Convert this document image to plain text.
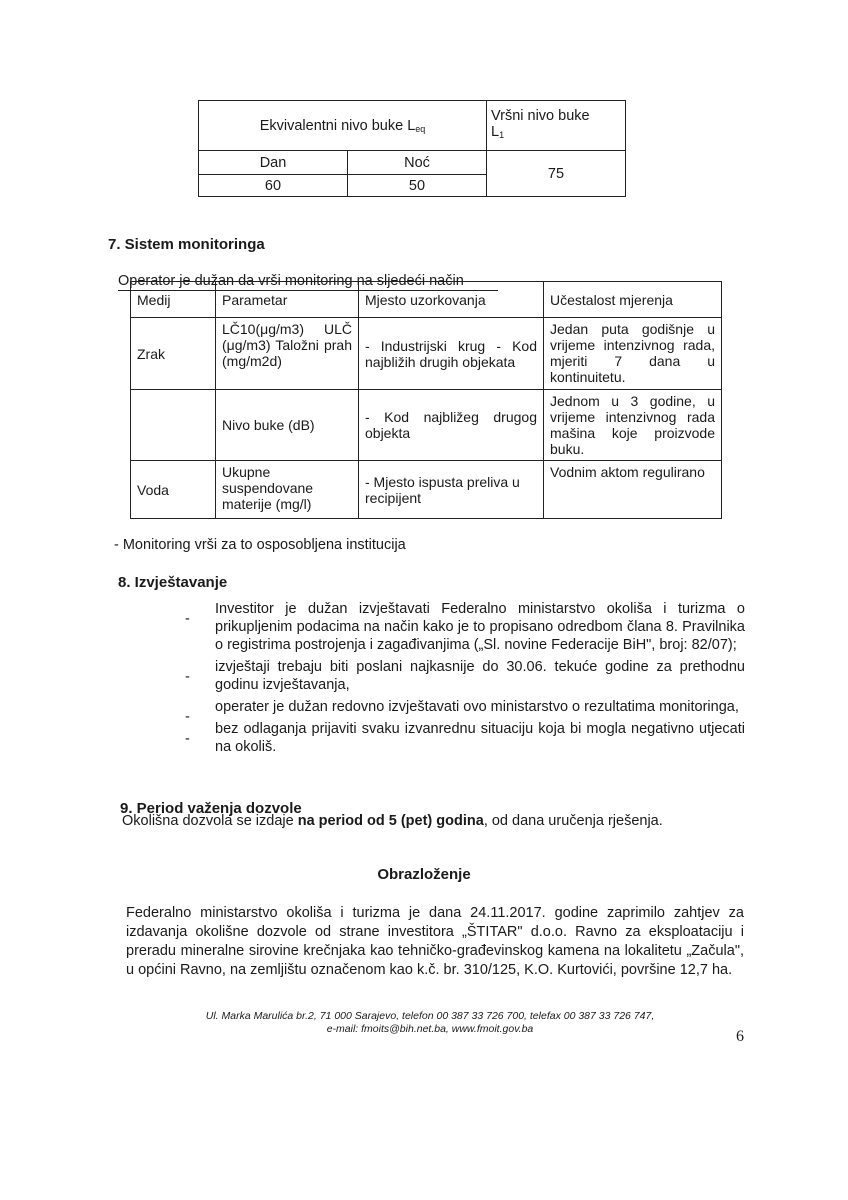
Ekvivalentni nivo buke $L_{eq}$		Vršni nivo buke
$L_1$

Dan	Noć	75
60	50	
7. Sistem monitoringa
Operator je dužan da vrši monitoring na sljedeći način
Medij	Parametar	Mjesto uzorkovanja	Učestalost mjerenja
Zrak	LČ10(μg/m3) ULČ (μg/m3) Taložni prah (mg/m2d)	- Industrijski krug - Kod najbližih drugih objekata	Jedan puta godišnje u vrijeme intenzivnog rada, mjeriti 7 dana u kontinuitetu.
	Nivo buke (dB)	- Kod najbližeg drugog objekta	Jednom u 3 godine, u vrijeme intenzivnog rada mašina koje proizvode buku.
Voda	Ukupne suspendovane materije (mg/l)	- Mjesto ispusta preliva u recipijent	Vodnim aktom regulirano
- Monitoring vrši za to osposobljena institucija
8. Izvještavanje
-
Investitor je dužan izvještavati Federalno ministarstvo okoliša i turizma o prikupljenim podacima na način kako je to propisano odredbom člana 8. Pravilnika o registrima postrojenja i zagađivanjima („Sl. novine Federacije BiH", broj: 82/07);
-
izvještaji trebaju biti poslani najkasnije do 30.06. tekuće godine za prethodnu godinu izvještavanja,
-
operater je dužan redovno izvještavati ovo ministarstvo o rezultatima monitoringa,
-
bez odlaganja prijaviti svaku izvanrednu situaciju koja bi mogla negativno utjecati na okoliš.
9. Period važenja dozvole
Okolišna dozvola se izdaje na period od 5 (pet) godina, od dana uručenja rješenja.
Obrazloženje
Federalno ministarstvo okoliša i turizma je dana 24.11.2017. godine zaprimilo zahtjev za izdavanja okolišne dozvole od strane investitora „ŠTITAR" d.o.o. Ravno za eksploataciju i preradu mineralne sirovine krečnjaka kao tehničko-građevinskog kamena na lokalitetu „Začula", u općini Ravno, na zemljištu označenom kao k.č. br. 310/125, K.O. Kurtovići, površine 12,7 ha.
Ul. Marka Marulića br.2, 71 000 Sarajevo, telefon 00 387 33 726 700, telefax 00 387 33 726 747,
e-mail: fmoits@bih.net.ba, www.fmoit.gov.ba	6
